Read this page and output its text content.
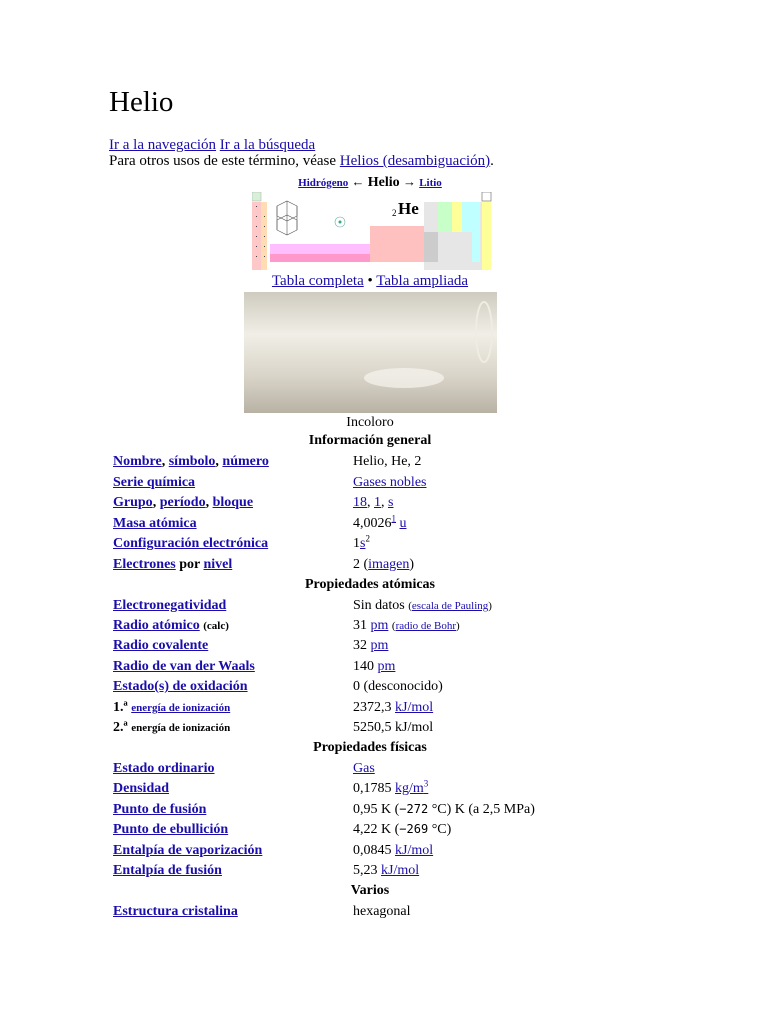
Helio
Ir a la navegación Ir a la búsqueda
Para otros usos de este término, véase Helios (desambiguación).
Hidrógeno ← Helio → Litio
2 He
Tabla completa • Tabla ampliada
Incoloro
Información general
Nombre, símbolo, número	Helio, He, 2
Serie química	Gases nobles
Grupo, período, bloque	18, 1, s
Masa atómica	4,0026$^1$ u
Configuración electrónica	$1s^2$
Electrones por nivel	2 (imagen)
Propiedades atómicas
Electronegatividad	Sin datos (escala de Pauling)
Radio atómico (calc)	31 pm (radio de Bohr)
Radio covalente	32 pm
Radio de van der Waals	140 pm
Estado(s) de oxidación	0 (desconocido)
1.ª energía de ionización	2372,3 kJ/mol
2.ª energía de ionización	5250,5 kJ/mol
Propiedades físicas
Estado ordinario	Gas
Densidad	0,1785 $kg/m^3$
Punto de fusión	0,95 K (−272 °C) K (a 2,5 MPa)
Punto de ebullición	4,22 K (−269 °C)
Entalpía de vaporización	0,0845 kJ/mol
Entalpía de fusión	5,23 kJ/mol
Varios
Estructura cristalina	hexagonal
